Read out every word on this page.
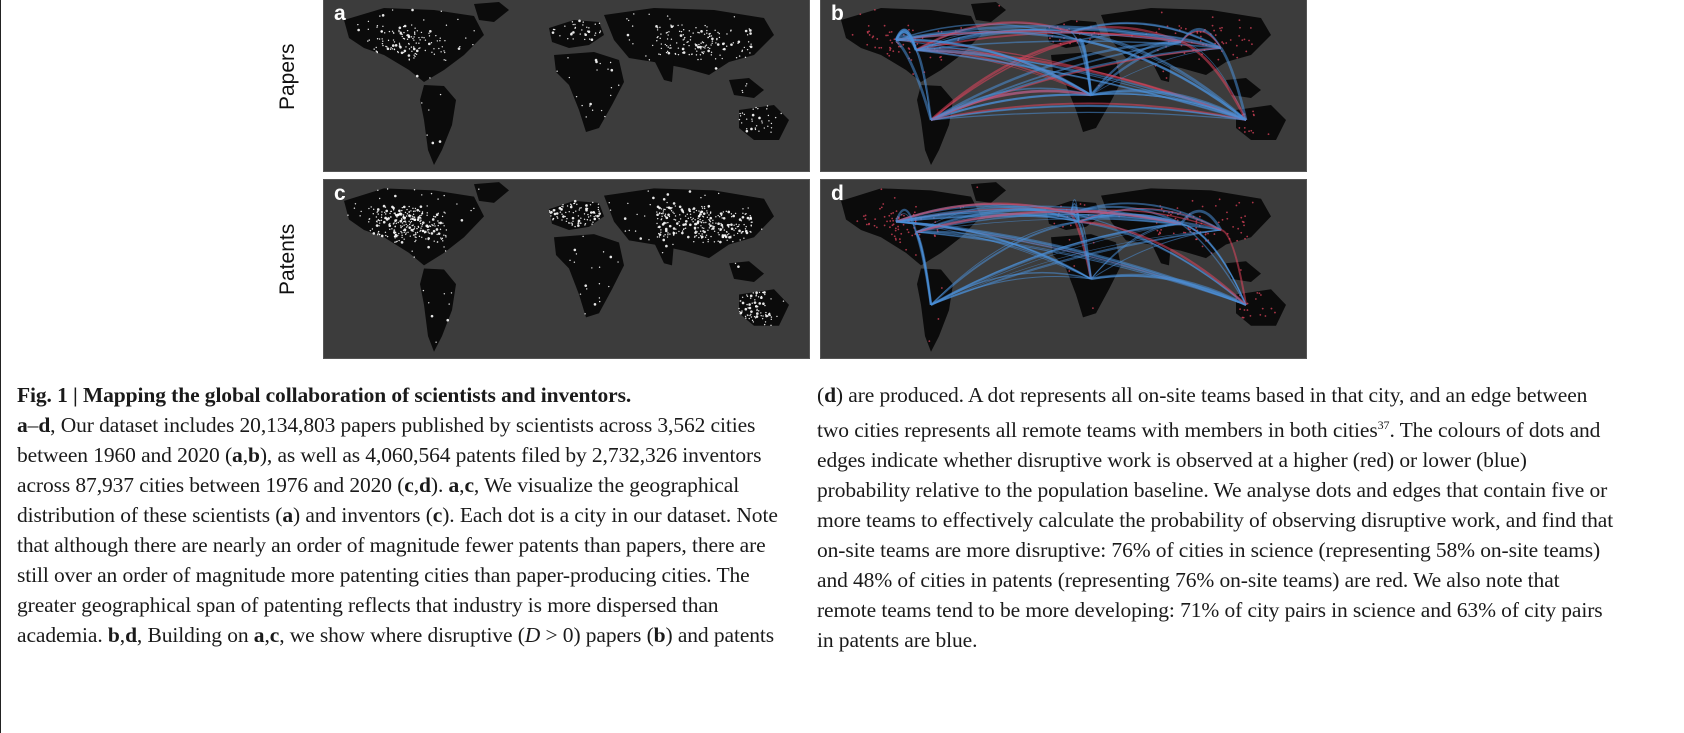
Papers
Patents
a	b
c	d

Fig. 1 | Mapping the global collaboration of scientists and inventors.

a–d, Our dataset includes 20,134,803 papers published by scientists across 3,562 cities between 1960 and 2020 (a,b), as well as 4,060,564 patents filed by 2,732,326 inventors across 87,937 cities between 1976 and 2020 (c,d). a,c, We visualize the geographical distribution of these scientists (a) and inventors (c). Each dot is a city in our dataset. Note that although there are nearly an order of magnitude fewer patents than papers, there are still over an order of magnitude more patenting cities than paper-producing cities. The greater geographical span of patenting reflects that industry is more dispersed than academia. b,d, Building on a,c, we show where disruptive (D > 0) papers (b) and patents

(d) are produced. A dot represents all on-site teams based in that city, and an edge between two cities represents all remote teams with members in both cities$^{37}$. The colours of dots and edges indicate whether disruptive work is observed at a higher (red) or lower (blue) probability relative to the population baseline. We analyse dots and edges that contain five or more teams to effectively calculate the probability of observing disruptive work, and find that on-site teams are more disruptive: 76% of cities in science (representing 58% on-site teams) and 48% of cities in patents (representing 76% on-site teams) are red. We also note that remote teams tend to be more developing: 71% of city pairs in science and 63% of city pairs in patents are blue.
